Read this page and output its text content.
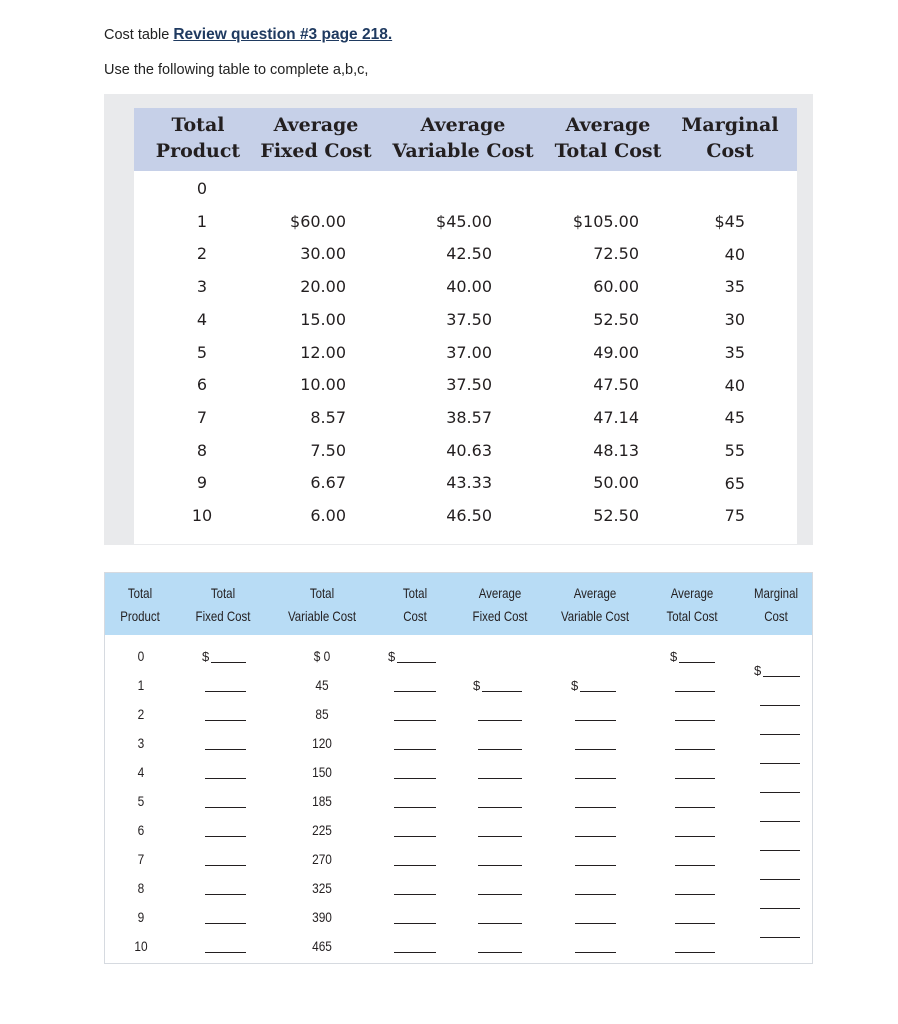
Cost table Review question #3 page 218.
Use the following table to complete a,b,c,
Total
Product
Average
Fixed Cost
Average
Variable Cost
Average
Total Cost
Marginal
Cost
0
1
2
3
4
5
6
7
8
9
10
$60.00
30.00
20.00
15.00
12.00
10.00
8.57
7.50
6.67
6.00
$45.00
42.50
40.00
37.50
37.00
37.50
38.57
40.63
43.33
46.50
$105.00
72.50
60.00
52.50
49.00
47.50
47.14
48.13
50.00
52.50
$45
40
35
30
35
40
45
55
65
75
Total
Product
Total
Fixed Cost
Total
Variable Cost
Total
Cost
Average
Fixed Cost
Average
Variable Cost
Average
Total Cost
Marginal
Cost
0
1
2
3
4
5
6
7
8
9
10
$ 0
45
85
120
150
185
225
270
325
390
465
$	$
$	$
$
$
